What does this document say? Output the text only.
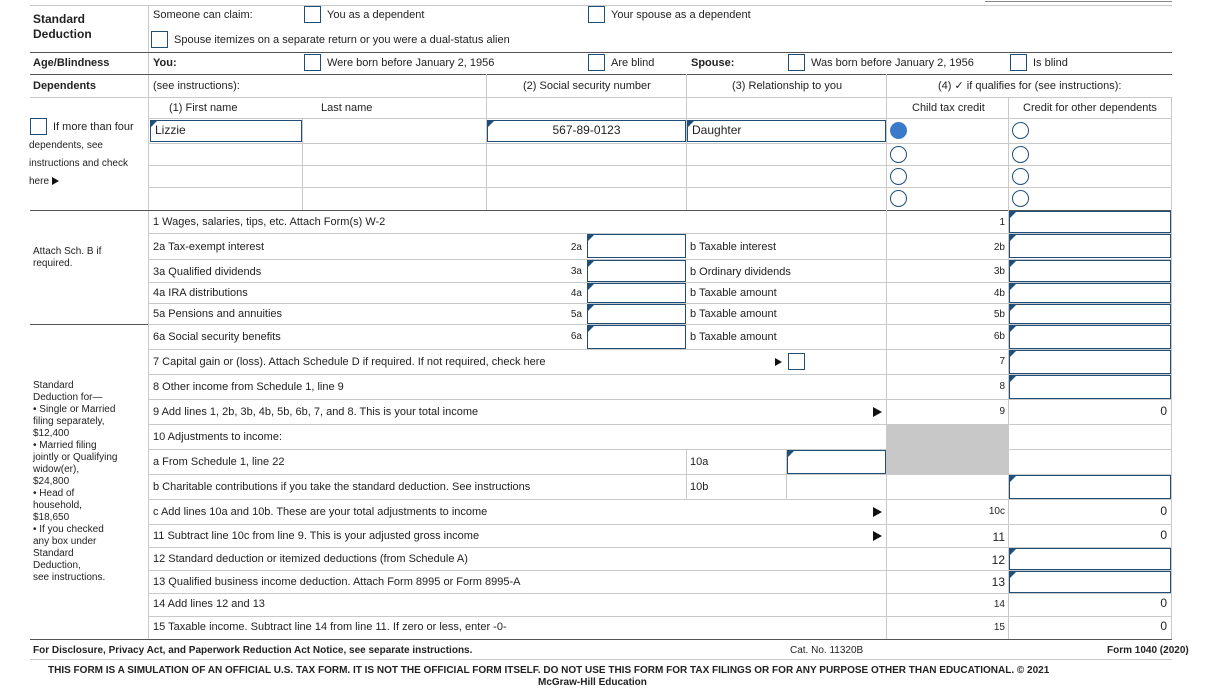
Standard
Deduction
Someone can claim:	You as a dependent	Your spouse as a dependent
Spouse itemizes on a separate return or you were a dual-status alien
Age/Blindness	You:	Were born before January 2, 1956	Are blind	Spouse:	Was born before January 2, 1956	Is blind
Dependents	(see instructions):	(2) Social security number	(3) Relationship to you	(4) ✓ if qualifies for (see instructions):
(1) First name	Last name	Child tax credit	Credit for other dependents
If more than four
dependents, see
instructions and check
here
Lizzie	567-89-0123	Daughter
Attach Sch. B if
required.
Standard
Deduction for—
• Single or Married
filing separately,
$12,400
• Married filing
jointly or Qualifying
widow(er),
$24,800
• Head of
household,
$18,650
• If you checked
any box under
Standard
Deduction,
see instructions.
1 Wages, salaries, tips, etc. Attach Form(s) W-2	1
2a Tax-exempt interest	2a	b Taxable interest	2b
3a Qualified dividends	3a	b Ordinary dividends	3b
4a IRA distributions	4a	b Taxable amount	4b
5a Pensions and annuities	5a	b Taxable amount	5b
6a Social security benefits	6a	b Taxable amount	6b
7 Capital gain or (loss). Attach Schedule D if required. If not required, check here	7
8 Other income from Schedule 1, line 9	8
9 Add lines 1, 2b, 3b, 4b, 5b, 6b, 7, and 8. This is your total income	9	0
10 Adjustments to income:
a From Schedule 1, line 22	10a
b Charitable contributions if you take the standard deduction. See instructions	10b
c Add lines 10a and 10b. These are your total adjustments to income	10c	0
11 Subtract line 10c from line 9. This is your adjusted gross income	11	0
12 Standard deduction or itemized deductions (from Schedule A)	12
13 Qualified business income deduction. Attach Form 8995 or Form 8995-A	13
14 Add lines 12 and 13	14	0
15 Taxable income. Subtract line 14 from line 11. If zero or less, enter -0-	15	0
For Disclosure, Privacy Act, and Paperwork Reduction Act Notice, see separate instructions.	Cat. No. 11320B	Form 1040 (2020)
THIS FORM IS A SIMULATION OF AN OFFICIAL U.S. TAX FORM. IT IS NOT THE OFFICIAL FORM ITSELF. DO NOT USE THIS FORM FOR TAX FILINGS OR FOR ANY PURPOSE OTHER THAN EDUCATIONAL. © 2021
McGraw-Hill Education
